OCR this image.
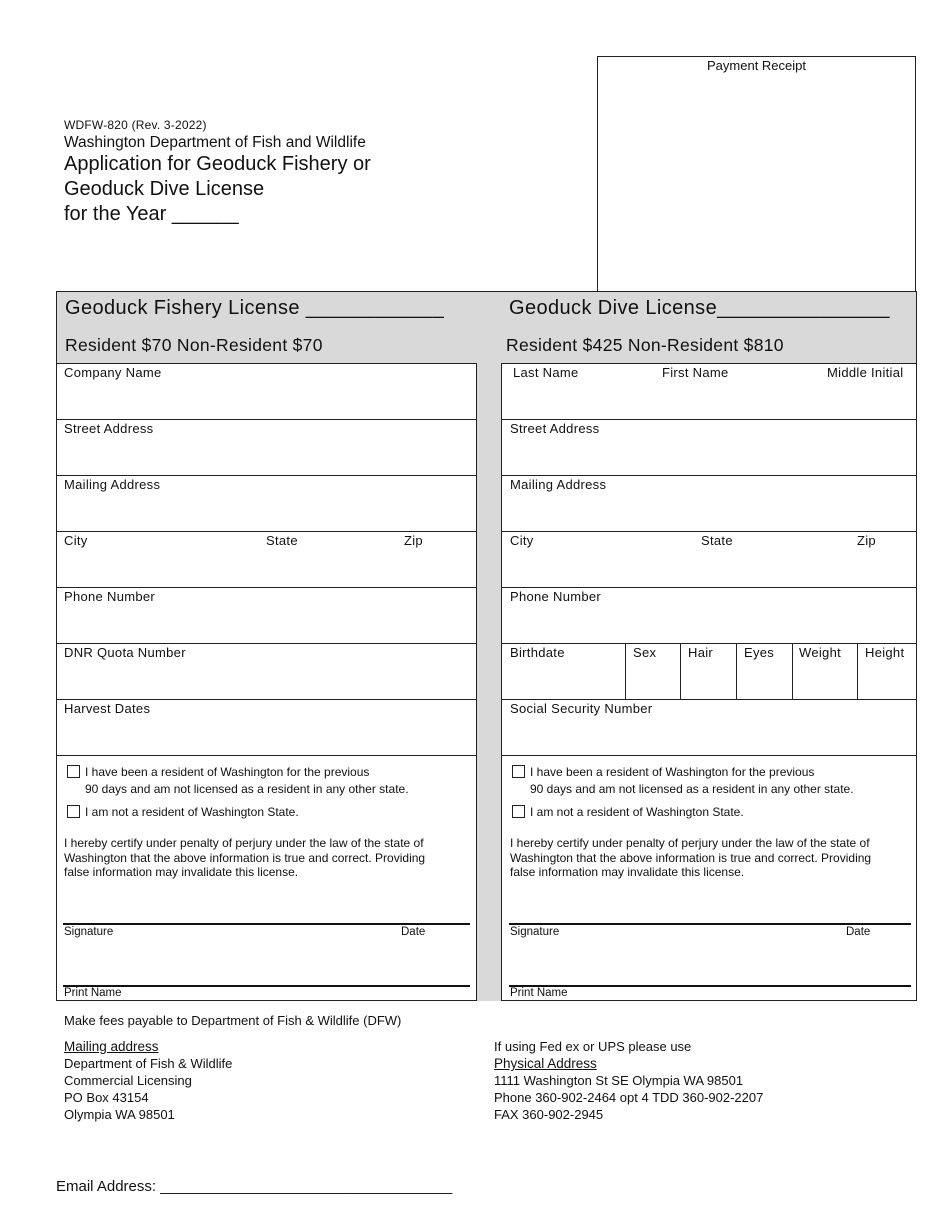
WDFW-820 (Rev. 3-2022)
Washington Department of Fish and Wildlife
Application for Geoduck Fishery or
Geoduck Dive License
for the Year ______
Payment Receipt
Geoduck Fishery License ____________	Geoduck Dive License_______________
Resident $70 Non-Resident $70	Resident $425 Non-Resident $810
Company Name
Street Address
Mailing Address
City	State	Zip
Phone Number
DNR Quota Number
Harvest Dates
I have been a resident of Washington for the previous
90 days and am not licensed as a resident in any other state.
I am not a resident of Washington State.
I hereby certify under penalty of perjury under the law of the state of
Washington that the above information is true and correct. Providing
false information may invalidate this license.
Signature	Date
Print Name
Last Name	First Name	Middle Initial
Street Address
Mailing Address
City	State	Zip
Phone Number
Birthdate	Sex Hair Eyes Weight Height
Social Security Number
I have been a resident of Washington for the previous
90 days and am not licensed as a resident in any other state.
I am not a resident of Washington State.
I hereby certify under penalty of perjury under the law of the state of
Washington that the above information is true and correct. Providing
false information may invalidate this license.
Signature	Date
Print Name
Make fees payable to Department of Fish & Wildlife (DFW)
Mailing address
Department of Fish & Wildlife
Commercial Licensing
PO Box 43154
Olympia WA 98501
If using Fed ex or UPS please use
Physical Address
1111 Washington St SE Olympia WA 98501
Phone 360-902-2464 opt 4 TDD 360-902-2207
FAX 360-902-2945
Email Address: ___________________________________
